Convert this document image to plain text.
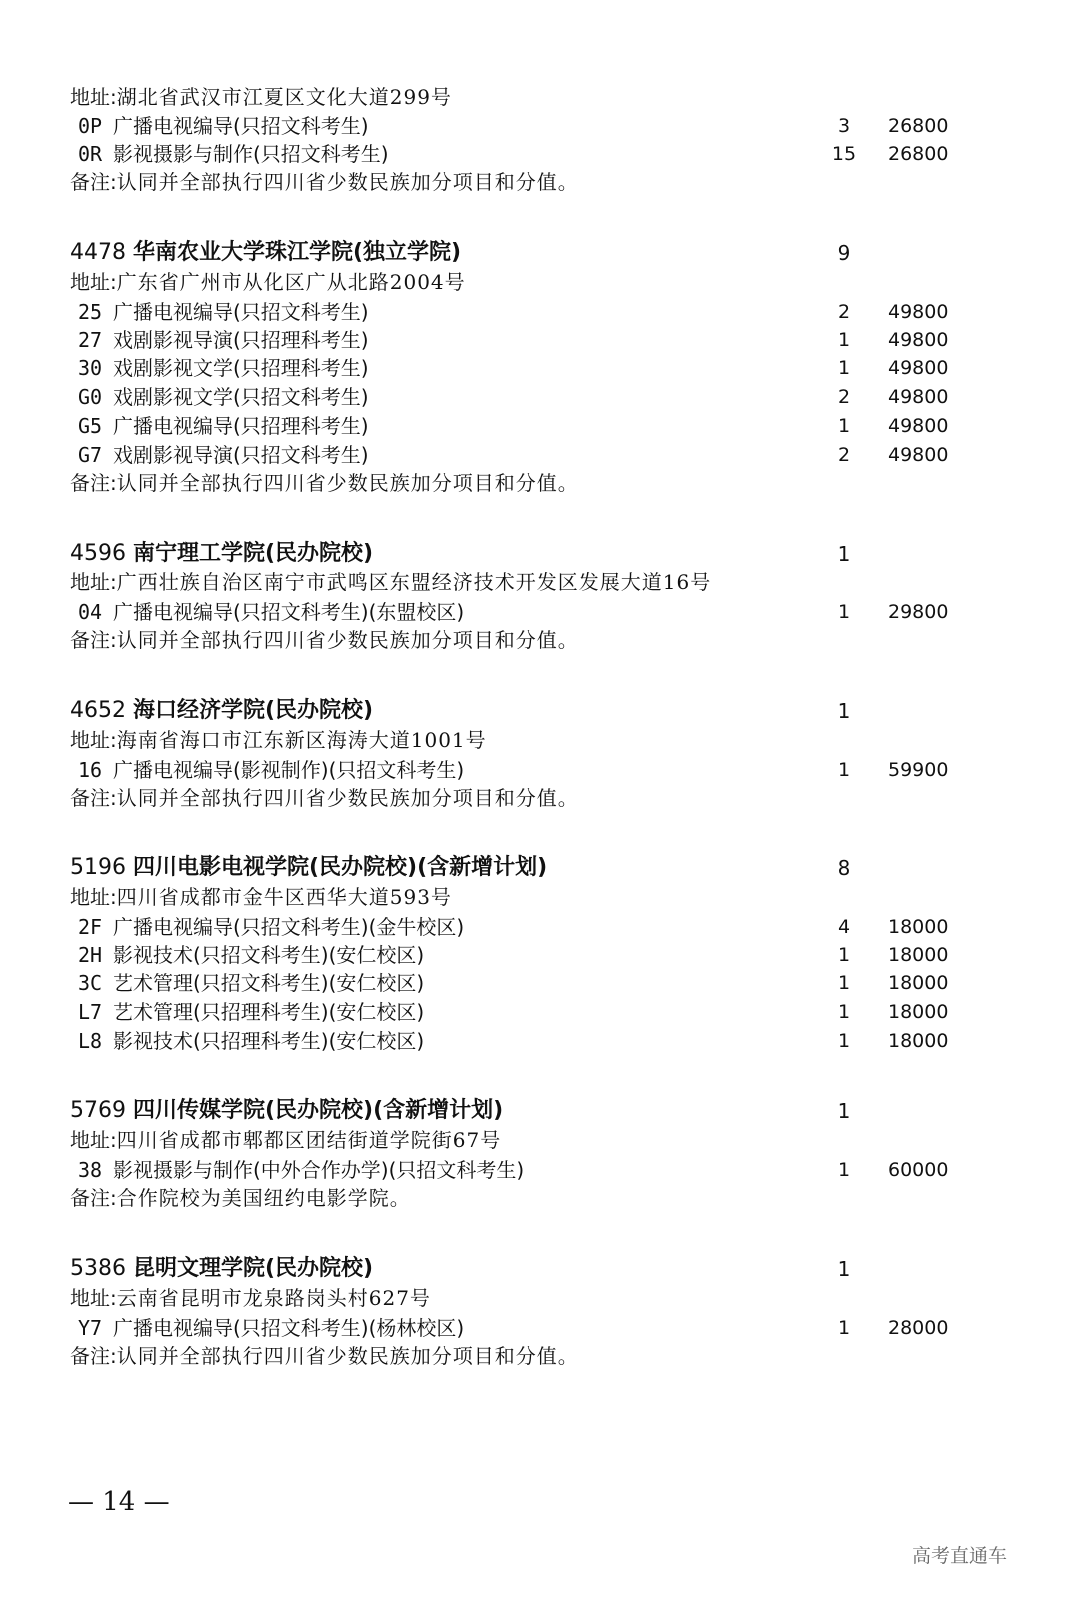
地址:湖北省武汉市江夏区文化大道299号
0P 广播电视编导(只招文科考生)	3	26800
0R 影视摄影与制作(只招文科考生)	15	26800
备注:认同并全部执行四川省少数民族加分项目和分值。
4478 华南农业大学珠江学院(独立学院)	9
地址:广东省广州市从化区广从北路2004号
25 广播电视编导(只招文科考生)	2	49800
27 戏剧影视导演(只招理科考生)	1	49800
30 戏剧影视文学(只招理科考生)	1	49800
G0 戏剧影视文学(只招文科考生)	2	49800
G5 广播电视编导(只招理科考生)	1	49800
G7 戏剧影视导演(只招文科考生)	2	49800
备注:认同并全部执行四川省少数民族加分项目和分值。
4596 南宁理工学院(民办院校)	1
地址:广西壮族自治区南宁市武鸣区东盟经济技术开发区发展大道16号
04 广播电视编导(只招文科考生)(东盟校区)	1	29800
备注:认同并全部执行四川省少数民族加分项目和分值。
4652 海口经济学院(民办院校)	1
地址:海南省海口市江东新区海涛大道1001号
16 广播电视编导(影视制作)(只招文科考生)	1	59900
备注:认同并全部执行四川省少数民族加分项目和分值。
5196 四川电影电视学院(民办院校)(含新增计划)	8
地址:四川省成都市金牛区西华大道593号
2F 广播电视编导(只招文科考生)(金牛校区)	4	18000
2H 影视技术(只招文科考生)(安仁校区)	1	18000
3C 艺术管理(只招文科考生)(安仁校区)	1	18000
L7 艺术管理(只招理科考生)(安仁校区)	1	18000
L8 影视技术(只招理科考生)(安仁校区)	1	18000
5769 四川传媒学院(民办院校)(含新增计划)	1
地址:四川省成都市郫都区团结街道学院街67号
38 影视摄影与制作(中外合作办学)(只招文科考生)	1	60000
备注:合作院校为美国纽约电影学院。
5386 昆明文理学院(民办院校)	1
地址:云南省昆明市龙泉路岗头村627号
Y7 广播电视编导(只招文科考生)(杨林校区)	1	28000
备注:认同并全部执行四川省少数民族加分项目和分值。
— 14 —
高考直通车
